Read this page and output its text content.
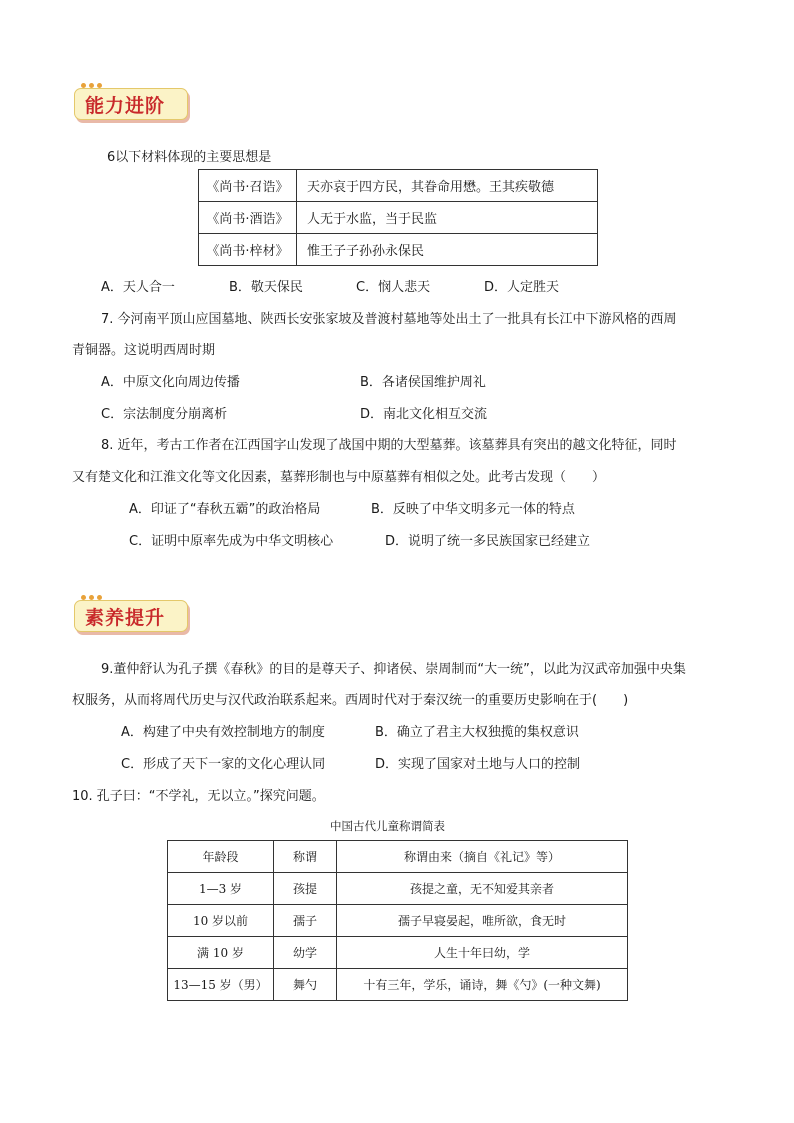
能力进阶
6以下材料体现的主要思想是
《尚书·召诰》	天亦哀于四方民，其眷命用懋。王其疾敬德
《尚书·酒诰》	人无于水监，当于民监
《尚书·梓材》	惟王子子孙孙永保民
A．天人合一	B．敬天保民	C．悯人悲天	D．人定胜天
7. 今河南平顶山应国墓地、陕西长安张家坡及普渡村墓地等处出土了一批具有长江中下游风格的西周
青铜器。这说明西周时期
A．中原文化向周边传播	B．各诸侯国维护周礼
C．宗法制度分崩离析	D．南北文化相互交流
8. 近年，考古工作者在江西国字山发现了战国中期的大型墓葬。该墓葬具有突出的越文化特征，同时
又有楚文化和江淮文化等文化因素，墓葬形制也与中原墓葬有相似之处。此考古发现（　　）
A．印证了“春秋五霸”的政治格局	B．反映了中华文明多元一体的特点
C．证明中原率先成为中华文明核心	D．说明了统一多民族国家已经建立
素养提升
9.董仲舒认为孔子撰《春秋》的目的是尊天子、抑诸侯、崇周制而“大一统”，以此为汉武帝加强中央集
权服务，从而将周代历史与汉代政治联系起来。西周时代对于秦汉统一的重要历史影响在于(　　)
A．构建了中央有效控制地方的制度	B．确立了君主大权独揽的集权意识
C．形成了天下一家的文化心理认同	D．实现了国家对土地与人口的控制
10. 孔子曰：“不学礼，无以立。”探究问题。
中国古代儿童称谓简表
年龄段	称谓	称谓由来（摘自《礼记》等）
1—3 岁	孩提	孩提之童，无不知爱其亲者
10 岁以前	孺子	孺子早寝晏起，唯所欲，食无时
满 10 岁	幼学	人生十年曰幼，学
13—15 岁（男）	舞勺	十有三年，学乐，诵诗，舞《勺》(一种文舞)
